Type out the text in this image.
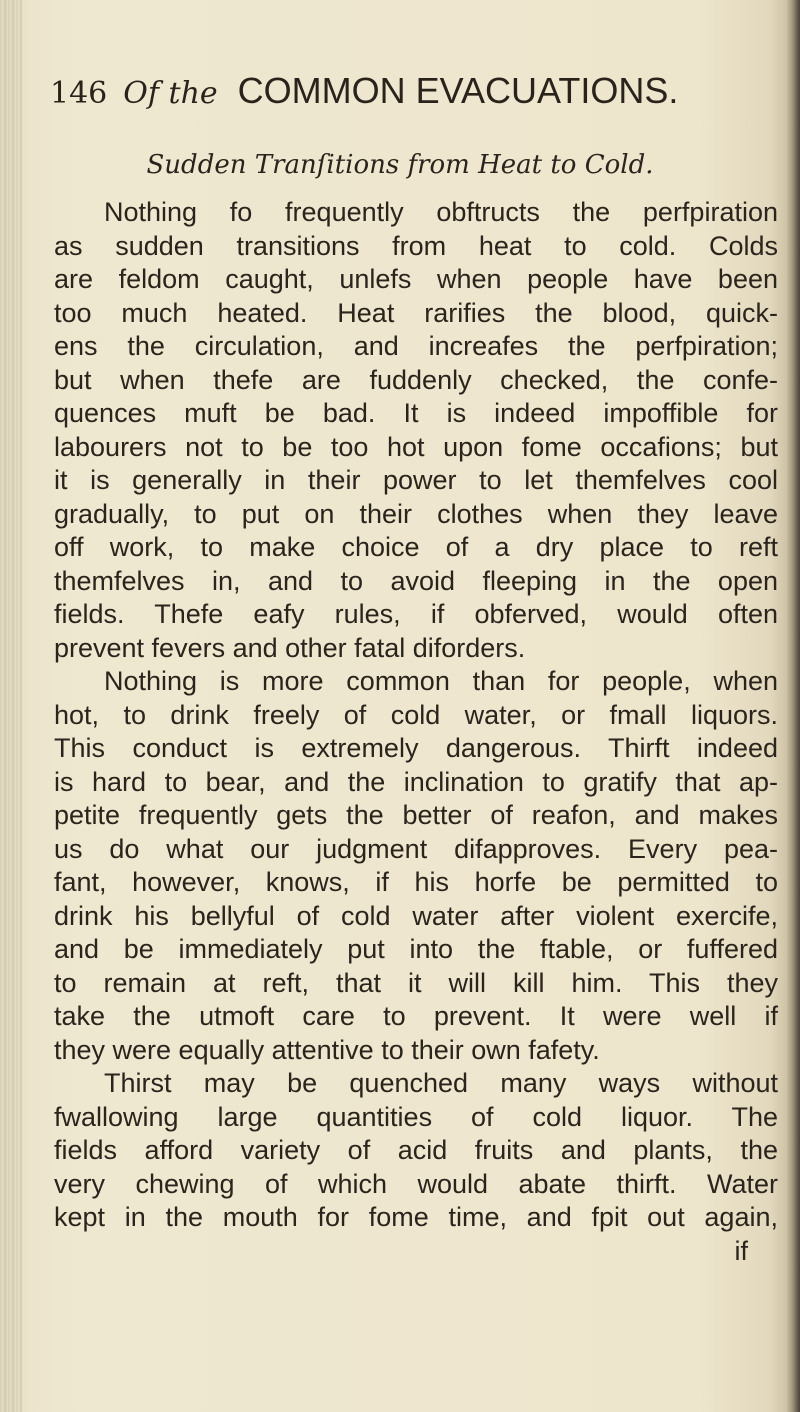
146 Of the COMMON EVACUATIONS.
Sudden Tranſitions from Heat to Cold.
Nothing fo frequently obftructs the perfpiration
as sudden transitions from heat to cold. Colds
are feldom caught, unlefs when people have been
too much heated. Heat rarifies the blood, quick-
ens the circulation, and increafes the perfpiration;
but when thefe are fuddenly checked, the confe-
quences muft be bad. It is indeed impoffible for
labourers not to be too hot upon fome occafions; but
it is generally in their power to let themfelves cool
gradually, to put on their clothes when they leave
off work, to make choice of a dry place to reft
themfelves in, and to avoid fleeping in the open
fields. Thefe eafy rules, if obferved, would often
prevent fevers and other fatal diforders.
Nothing is more common than for people, when
hot, to drink freely of cold water, or fmall liquors.
This conduct is extremely dangerous. Thirft indeed
is hard to bear, and the inclination to gratify that ap-
petite frequently gets the better of reafon, and makes
us do what our judgment difapproves. Every pea-
fant, however, knows, if his horfe be permitted to
drink his bellyful of cold water after violent exercife,
and be immediately put into the ftable, or fuffered
to remain at reft, that it will kill him. This they
take the utmoft care to prevent. It were well if
they were equally attentive to their own fafety.
Thirst may be quenched many ways without
fwallowing large quantities of cold liquor. The
fields afford variety of acid fruits and plants, the
very chewing of which would abate thirft. Water
kept in the mouth for fome time, and fpit out again,
if
